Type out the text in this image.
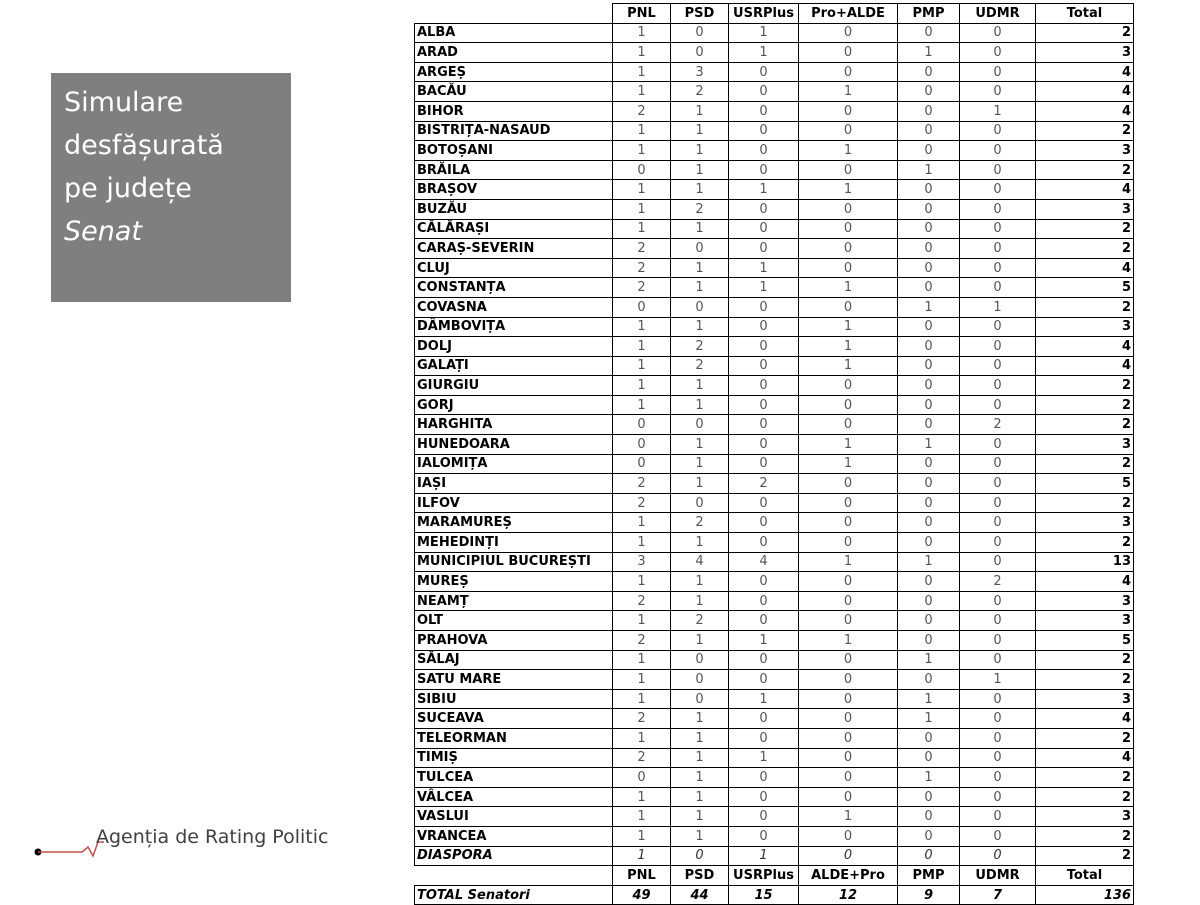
Simulare
desfășurată
pe județe
Senat
Agenția de Rating Politic
	PNL	PSD	USRPlus	Pro+ALDE	PMP	UDMR	Total
ALBA	1	0	1	0	0	0	2
ARAD	1	0	1	0	1	0	3
ARGEȘ	1	3	0	0	0	0	4
BACĂU	1	2	0	1	0	0	4
BIHOR	2	1	0	0	0	1	4
BISTRIȚA-NASAUD	1	1	0	0	0	0	2
BOTOȘANI	1	1	0	1	0	0	3
BRĂILA	0	1	0	0	1	0	2
BRAȘOV	1	1	1	1	0	0	4
BUZĂU	1	2	0	0	0	0	3
CĂLĂRAȘI	1	1	0	0	0	0	2
CARAȘ-SEVERIN	2	0	0	0	0	0	2
CLUJ	2	1	1	0	0	0	4
CONSTANȚA	2	1	1	1	0	0	5
COVASNA	0	0	0	0	1	1	2
DÂMBOVIȚA	1	1	0	1	0	0	3
DOLJ	1	2	0	1	0	0	4
GALAȚI	1	2	0	1	0	0	4
GIURGIU	1	1	0	0	0	0	2
GORJ	1	1	0	0	0	0	2
HARGHITA	0	0	0	0	0	2	2
HUNEDOARA	0	1	0	1	1	0	3
IALOMIȚA	0	1	0	1	0	0	2
IAȘI	2	1	2	0	0	0	5
ILFOV	2	0	0	0	0	0	2
MARAMUREȘ	1	2	0	0	0	0	3
MEHEDINȚI	1	1	0	0	0	0	2
MUNICIPIUL BUCUREȘTI	3	4	4	1	1	0	13
MUREȘ	1	1	0	0	0	2	4
NEAMȚ	2	1	0	0	0	0	3
OLT	1	2	0	0	0	0	3
PRAHOVA	2	1	1	1	0	0	5
SĂLAJ	1	0	0	0	1	0	2
SATU MARE	1	0	0	0	0	1	2
SIBIU	1	0	1	0	1	0	3
SUCEAVA	2	1	0	0	1	0	4
TELEORMAN	1	1	0	0	0	0	2
TIMIȘ	2	1	1	0	0	0	4
TULCEA	0	1	0	0	1	0	2
VÂLCEA	1	1	0	0	0	0	2
VASLUI	1	1	0	1	0	0	3
VRANCEA	1	1	0	0	0	0	2
DIASPORA	1	0	1	0	0	0	2
	PNL	PSD	USRPlus	ALDE+Pro	PMP	UDMR	Total
TOTAL Senatori	49	44	15	12	9	7	136
